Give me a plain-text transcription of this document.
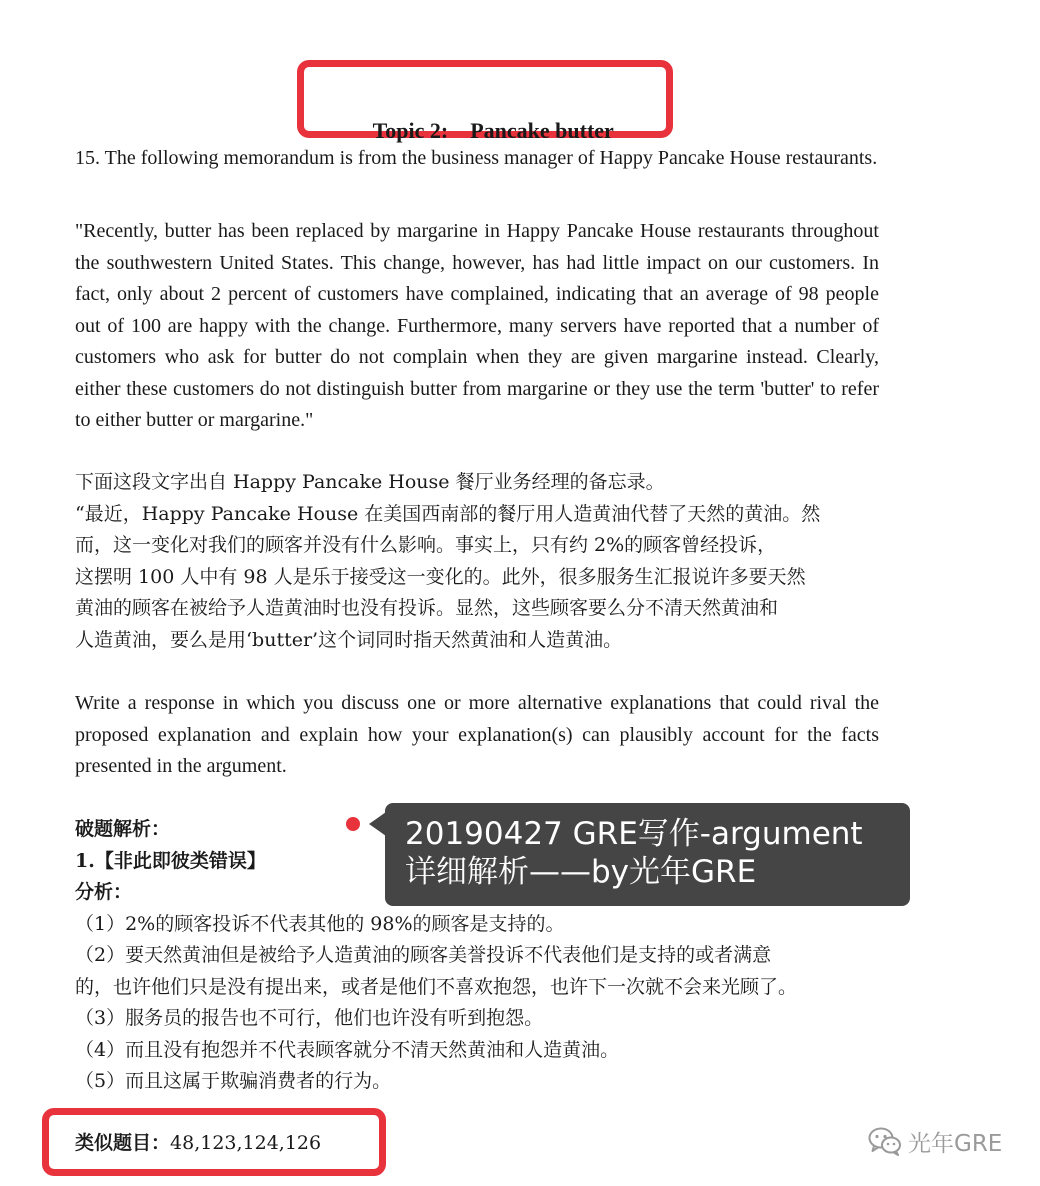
Topic 2: Pancake butter

15. The following memorandum is from the business manager of Happy Pancake House restaurants.

"Recently, butter has been replaced by margarine in Happy Pancake House restaurants throughout the southwestern United States. This change, however, has had little impact on our customers. In fact, only about 2 percent of customers have complained, indicating that an average of 98 people out of 100 are happy with the change. Furthermore, many servers have reported that a number of customers who ask for butter do not complain when they are given margarine instead. Clearly, either these customers do not distinguish butter from margarine or they use the term 'butter' to refer to either butter or margarine."

下面这段文字出自 Happy Pancake House 餐厅业务经理的备忘录。

“最近，Happy Pancake House 在美国西南部的餐厅用人造黄油代替了天然的黄油。然

而，这一变化对我们的顾客并没有什么影响。事实上，只有约 2%的顾客曾经投诉，

这摆明 100 人中有 98 人是乐于接受这一变化的。此外，很多服务生汇报说许多要天然

黄油的顾客在被给予人造黄油时也没有投诉。显然，这些顾客要么分不清天然黄油和

人造黄油，要么是用‘butter’这个词同时指天然黄油和人造黄油。

Write a response in which you discuss one or more alternative explanations that could rival the proposed explanation and explain how your explanation(s) can plausibly account for the facts presented in the argument.

破题解析：

1.【非此即彼类错误】

分析：

（1）2%的顾客投诉不代表其他的 98%的顾客是支持的。

（2）要天然黄油但是被给予人造黄油的顾客美誉投诉不代表他们是支持的或者满意

的，也许他们只是没有提出来，或者是他们不喜欢抱怨，也许下一次就不会来光顾了。

（3）服务员的报告也不可行，他们也许没有听到抱怨。

（4）而且没有抱怨并不代表顾客就分不清天然黄油和人造黄油。

（5）而且这属于欺骗消费者的行为。

类似题目：48,123,124,126
20190427 GRE写作-argument
详细解析——by光年GRE
光年GRE
